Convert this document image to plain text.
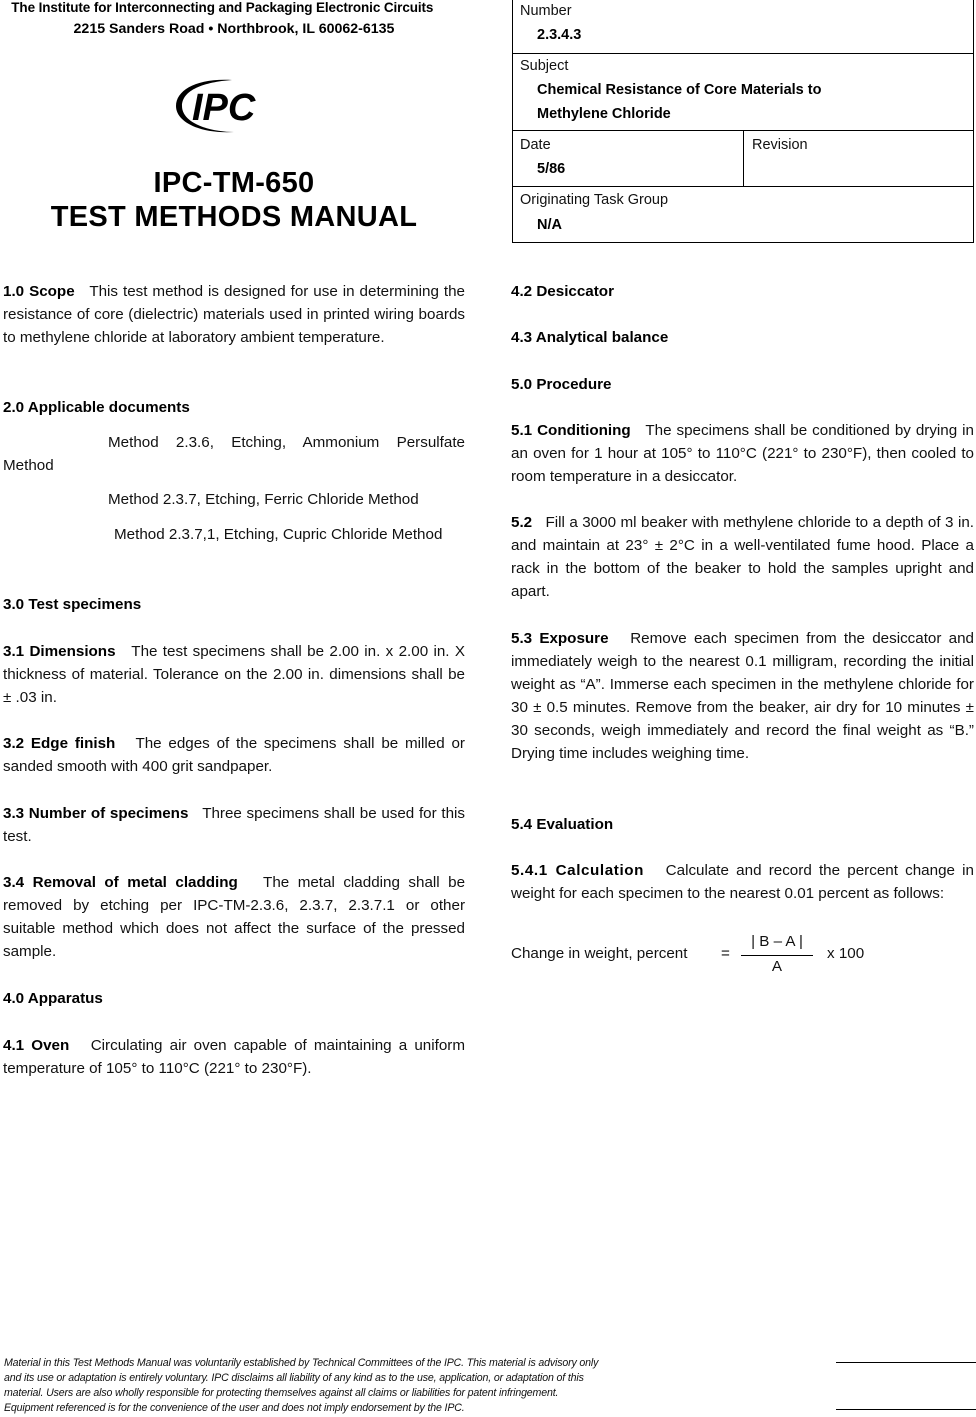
The Institute for Interconnecting and Packaging Electronic Circuits
2215 Sanders Road • Northbrook, IL 60062-6135
IPC
IPC-TM-650
TEST METHODS MANUAL
Number
2.3.4.3
Subject
Chemical Resistance of Core Materials to
Methylene Chloride
Date
5/86
Revision
Originating Task Group
N/A

1.0 Scope This test method is designed for use in determining the resistance of core (dielectric) materials used in printed wiring boards to methylene chloride at laboratory ambient temperature.

2.0 Applicable documents

Method 2.3.6, Etching, Ammonium Persulfate Method

Method 2.3.7, Etching, Ferric Chloride Method

Method 2.3.7,1, Etching, Cupric Chloride Method

3.0 Test specimens

3.1 Dimensions The test specimens shall be 2.00 in. x 2.00 in. X thickness of material. Tolerance on the 2.00 in. dimensions shall be ± .03 in.

3.2 Edge finish The edges of the specimens shall be milled or sanded smooth with 400 grit sandpaper.

3.3 Number of specimens Three specimens shall be used for this test.

3.4 Removal of metal cladding The metal cladding shall be removed by etching per IPC-TM-2.3.6, 2.3.7, 2.3.7.1 or other suitable method which does not affect the surface of the pressed sample.

4.0 Apparatus

4.1 Oven Circulating air oven capable of maintaining a uniform temperature of 105° to 110°C (221° to 230°F).

4.2 Desiccator
4.3 Analytical balance
5.0 Procedure

5.1 Conditioning The specimens shall be conditioned by drying in an oven for 1 hour at 105° to 110°C (221° to 230°F), then cooled to room temperature in a desiccator.

5.2 Fill a 3000 ml beaker with methylene chloride to a depth of 3 in. and maintain at 23° ± 2°C in a well-ventilated fume hood. Place a rack in the bottom of the beaker to hold the samples upright and apart.

5.3 Exposure Remove each specimen from the desiccator and immediately weigh to the nearest 0.1 milligram, recording the initial weight as “A”. Immerse each specimen in the methylene chloride for 30 ± 0.5 minutes. Remove from the beaker, air dry for 10 minutes ± 30 seconds, weigh immediately and record the final weight as “B.” Drying time includes weighing time.

5.4 Evaluation

5.4.1 Calculation Calculate and record the percent change in weight for each specimen to the nearest 0.01 percent as follows:

Change in weight, percent =
| B – A |
A
x 100
Material in this Test Methods Manual was voluntarily established by Technical Committees of the IPC. This material is advisory only
and its use or adaptation is entirely voluntary. IPC disclaims all liability of any kind as to the use, application, or adaptation of this
material. Users are also wholly responsible for protecting themselves against all claims or liabilities for patent infringement.
Equipment referenced is for the convenience of the user and does not imply endorsement by the IPC.
